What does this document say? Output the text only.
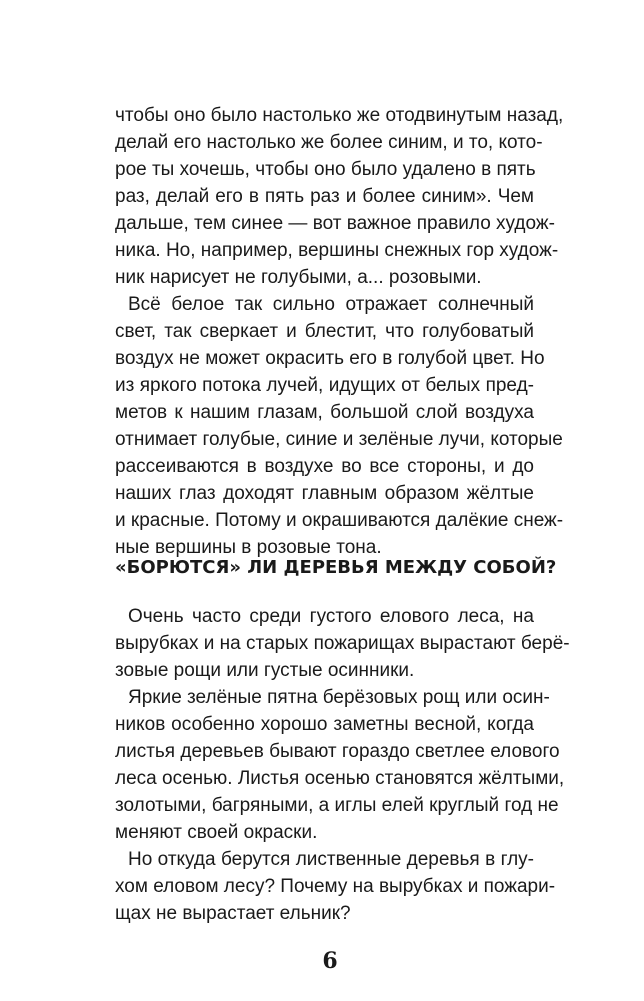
чтобы оно было настолько же отодвинутым назад,

делай его настолько же более синим, и то, кото-

рое ты хочешь, чтобы оно было удалено в пять

раз, делай его в пять раз и более синим». Чем

дальше, тем синее — вот важное правило худож-

ника. Но, например, вершины снежных гор худож-

ник нарисует не голубыми, а... розовыми.

Всё белое так сильно отражает солнечный

свет, так сверкает и блестит, что голубоватый

воздух не может окрасить его в голубой цвет. Но

из яркого потока лучей, идущих от белых пред-

метов к нашим глазам, большой слой воздуха

отнимает голубые, синие и зелёные лучи, которые

рассеиваются в воздухе во все стороны, и до

наших глаз доходят главным образом жёлтые

и красные. Потому и окрашиваются далёкие снеж-

ные вершины в розовые тона.

«БОРЮТСЯ» ЛИ ДЕРЕВЬЯ МЕЖДУ СОБОЙ?

Очень часто среди густого елового леса, на

вырубках и на старых пожарищах вырастают берё-

зовые рощи или густые осинники.

Яркие зелёные пятна берёзовых рощ или осин-

ников особенно хорошо заметны весной, когда

листья деревьев бывают гораздо светлее елового

леса осенью. Листья осенью становятся жёлтыми,

золотыми, багряными, а иглы елей круглый год не

меняют своей окраски.

Но откуда берутся лиственные деревья в глу-

хом еловом лесу? Почему на вырубках и пожари-

щах не вырастает ельник?

6
